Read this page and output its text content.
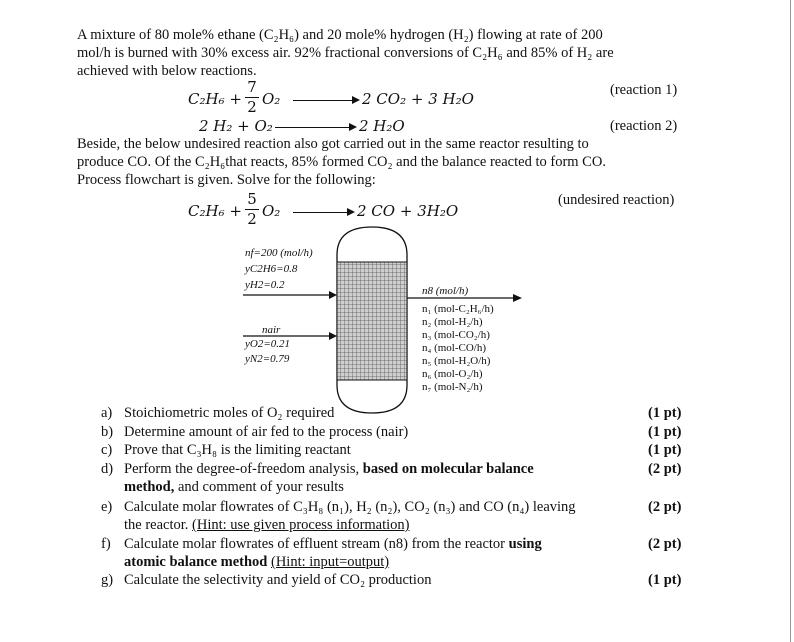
A mixture of 80 mole% ethane (C₂H₆) and 20 mole% hydrogen (H₂) flowing at rate of 200
mol/h is burned with 30% excess air. 92% fractional conversions of C₂H₆ and 85% of H₂ are
achieved with below reactions.
C₂H₆ +
7
2 O₂	2 CO₂ + 3 H₂O	(reaction 1)
2 H₂ + O₂	2 H₂O	(reaction 2)
Beside, the below undesired reaction also got carried out in the same reactor resulting to
produce CO. Of the C₂H₆that reacts, 85% formed CO₂ and the balance reacted to form CO.
Process flowchart is given. Solve for the following:
C₂H₆ +
5
2 O₂	2 CO + 3H₂O
(undesired reaction)
nf=200 (mol/h)
yC2H6=0.8
yH2=0.2
nair
yO2=0.21
yN2=0.79
n8 (mol/h)
n₁ (mol-C₂H₆/h)
n₂ (mol-H₂/h)
n₃ (mol-CO₂/h)
n₄ (mol-CO/h)
n₅ (mol-H₂O/h)
n₆ (mol-O₂/h)
n₇ (mol-N₂/h)
a) Stoichiometric moles of O₂ required	(1 pt)
b) Determine amount of air fed to the process (nair)	(1 pt)
c) Prove that C₃H₈ is the limiting reactant	(1 pt)
d) Perform the degree-of-freedom analysis, based on molecular balance
method, and comment of your results
(2 pt)
e) Calculate molar flowrates of C₃H₈ (n₁), H₂ (n₂), CO₂ (n₃) and CO (n₄) leaving
the reactor. (Hint: use given process information)
(2 pt)
f) Calculate molar flowrates of effluent stream (n8) from the reactor using
atomic balance method (Hint: input=output)
(2 pt)
g) Calculate the selectivity and yield of CO₂ production	(1 pt)
